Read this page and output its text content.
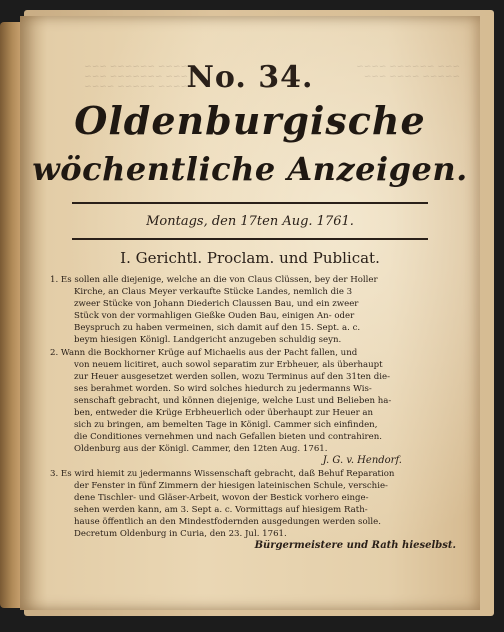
~~~~ ~~~~~~ ~~~
~~~ ~~~~~~~ ~~~
~~~~ ~~~~~ ~~~~
~~~ ~~~~~~ ~~~~
~~~~~ ~~~~ ~~~
No. 34.
Oldenburgische
wöchentliche Anzeigen.
Montags, den 17ten Aug. 1761.
I. Gerichtl. Proclam. und Publicat.
1. Es sollen alle diejenige, welche an die von Claus Clüssen, bey der Holler
Kirche, an Claus Meyer verkaufte Stücke Landes, nemlich die 3
zweer Stücke von Johann Diederich Claussen Bau, und ein zweer
Stück von der vormahligen Gießke Ouden Bau, einigen An- oder
Beyspruch zu haben vermeinen, sich damit auf den 15. Sept. a. c.
beym hiesigen Königl. Landgericht anzugeben schuldig seyn.
2. Wann die Bockhorner Krüge auf Michaelis aus der Pacht fallen, und
von neuem licitiret, auch sowol separatim zur Erbheuer, als überhaupt
zur Heuer ausgesetzet werden sollen, wozu Terminus auf den 31ten die-
ses berahmet worden. So wird solches hiedurch zu jedermanns Wis-
senschaft gebracht, und können diejenige, welche Lust und Belieben ha-
ben, entweder die Krüge Erbheuerlich oder überhaupt zur Heuer an
sich zu bringen, am bemelten Tage in Königl. Cammer sich einfinden,
die Conditiones vernehmen und nach Gefallen bieten und contrahiren.
Oldenburg aus der Königl. Cammer, den 12ten Aug. 1761.
J. G. v. Hendorf.
3. Es wird hiemit zu jedermanns Wissenschaft gebracht, daß Behuf Reparation
der Fenster in fünf Zimmern der hiesigen lateinischen Schule, verschie-
dene Tischler- und Gläser-Arbeit, wovon der Bestick vorhero einge-
sehen werden kann, am 3. Sept a. c. Vormittags auf hiesigem Rath-
hause öffentlich an den Mindestfodernden ausgedungen werden solle.
Decretum Oldenburg in Curia, den 23. Jul. 1761.
Bürgermeistere und Rath hieselbst.
